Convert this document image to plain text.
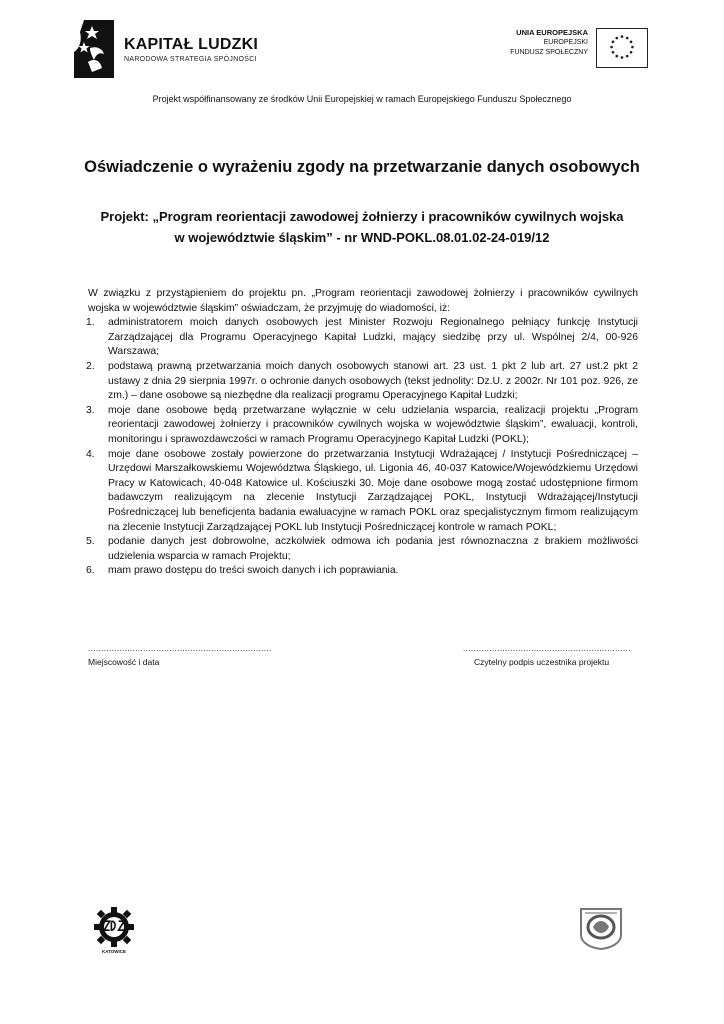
KAPITAŁ LUDZKI
NARODOWA STRATEGIA SPÓJNOŚCI
UNIA EUROPEJSKA
EUROPEJSKI
FUNDUSZ SPOŁECZNY
Projekt współfinansowany ze środków Unii Europejskiej w ramach Europejskiego Funduszu Społecznego
Oświadczenie o wyrażeniu zgody na przetwarzanie danych osobowych
Projekt: „Program reorientacji zawodowej żołnierzy i pracowników cywilnych wojska
w województwie śląskim” - nr WND-POKL.08.01.02-24-019/12

W związku z przystąpieniem do projektu pn. „Program reorientacji zawodowej żołnierzy i pracowników cywilnych wojska w województwie śląskim” oświadczam, że przyjmuję do wiadomości, iż:

1. administratorem moich danych osobowych jest Minister Rozwoju Regionalnego pełniący funkcję Instytucji Zarządzającej dla Programu Operacyjnego Kapitał Ludzki, mający siedzibę przy ul. Wspólnej 2/4, 00-926 Warszawa;
2. podstawą prawną przetwarzania moich danych osobowych stanowi art. 23 ust. 1 pkt 2 lub art. 27 ust.2 pkt 2 ustawy z dnia 29 sierpnia 1997r. o ochronie danych osobowych (tekst jednolity: Dz.U. z 2002r. Nr 101 poz. 926, ze zm.) – dane osobowe są niezbędne dla realizacji programu Operacyjnego Kapitał Ludzki;
3. moje dane osobowe będą przetwarzane wyłącznie w celu udzielania wsparcia, realizacji projektu „Program reorientacji zawodowej żołnierzy i pracowników cywilnych wojska w województwie śląskim”, ewaluacji, kontroli, monitoringu i sprawozdawczości w ramach Programu Operacyjnego Kapitał Ludzki (POKL);
4. moje dane osobowe zostały powierzone do przetwarzania Instytucji Wdrażającej / Instytucji Pośredniczącej – Urzędowi Marszałkowskiemu Województwa Śląskiego, ul. Ligonia 46, 40-037 Katowice/Wojewódzkiemu Urzędowi Pracy w Katowicach, 40-048 Katowice ul. Kościuszki 30. Moje dane osobowe mogą zostać udostępnione firmom badawczym realizującym na zlecenie Instytucji Zarządzającej POKL, Instytucji Wdrażającej/Instytucji Pośredniczącej lub beneficjenta badania ewaluacyjne w ramach POKL oraz specjalistycznym firmom realizującym na zlecenie Instytucji Zarządzającej POKL lub Instytucji Pośredniczącej kontrole w ramach POKL;
5. podanie danych jest dobrowolne, aczkolwiek odmowa ich podania jest równoznaczna z brakiem możliwości udzielenia wsparcia w ramach Projektu;
6. mam prawo dostępu do treści swoich danych i ich poprawiania.
......................................................................	................................................................
Miejscowość i data	Czytelny podpis uczestnika projektu
KATOWICE
